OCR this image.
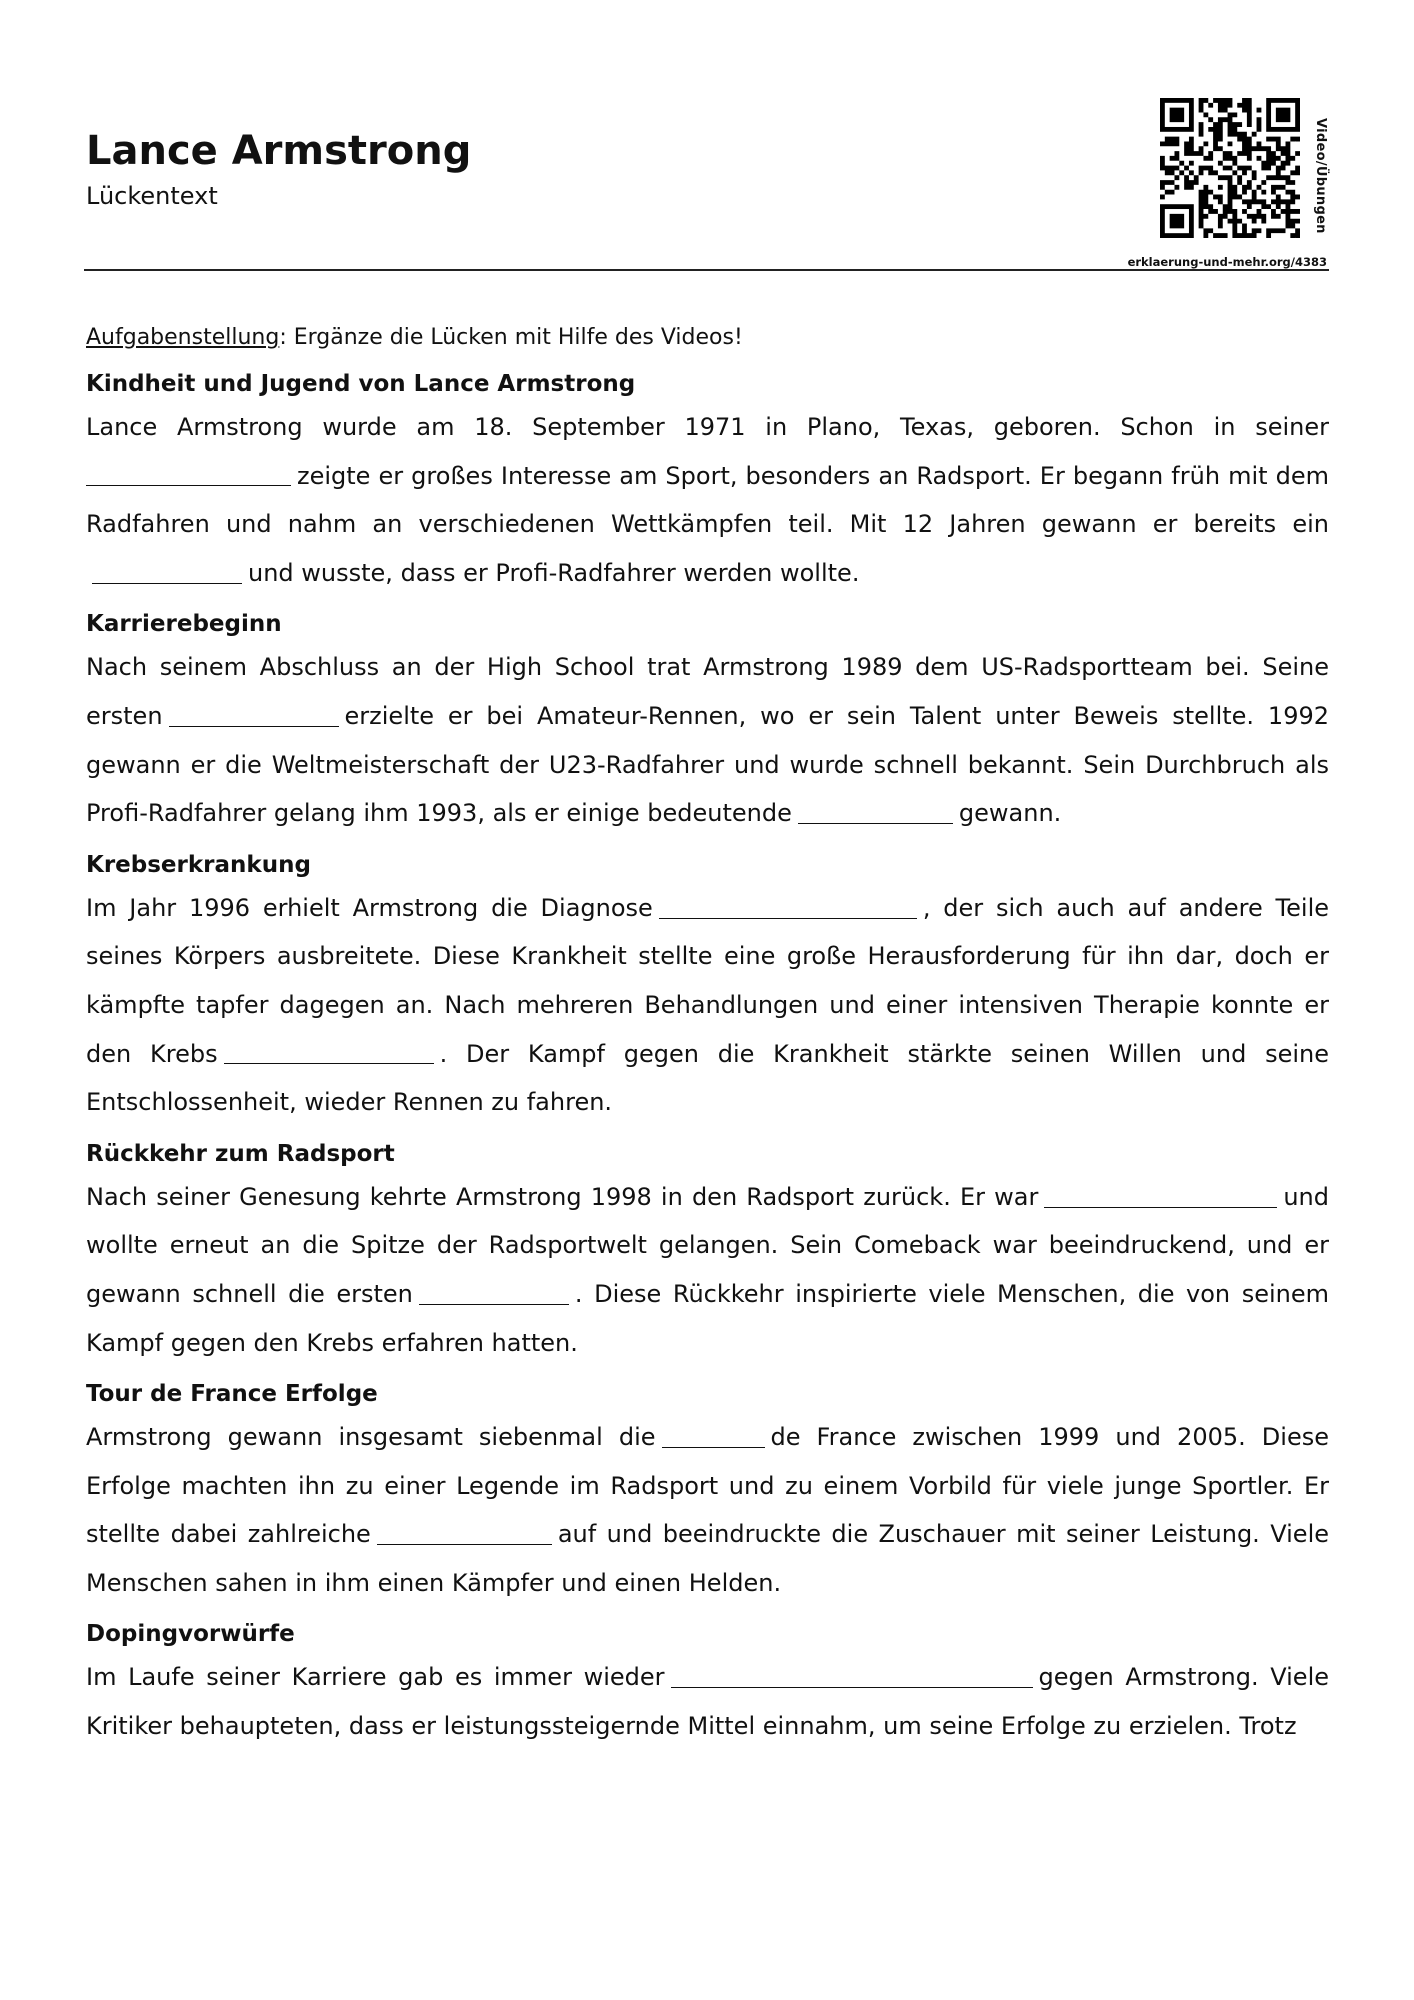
Lance Armstrong
Lückentext	Video/Übungen
erklaerung-und-mehr.org/4383

Aufgabenstellung: Ergänze die Lücken mit Hilfe des Videos!

Kindheit und Jugend von Lance Armstrong

Lance Armstrong wurde am 18. September 1971 in Plano, Texas, geboren. Schon in seiner zeigte er großes Interesse am Sport, besonders an Radsport. Er begann früh mit dem Radfahren und nahm an verschiedenen Wettkämpfen teil. Mit 12 Jahren gewann er bereits einund wusste, dass er Profi-Radfahrer werden wollte.

Karrierebeginn

Nach seinem Abschluss an der High School trat Armstrong 1989 dem US-Radsportteam bei. Seine ersten	erzielte er bei Amateur-Rennen, wo er sein Talent unter Beweis stellte. 1992 gewann er die Weltmeisterschaft der U23-Radfahrer und wurde schnell bekannt. Sein Durchbruch als Profi-Radfahrer gelang ihm 1993, als er einige bedeutende	gewann.

Krebserkrankung

Im Jahr 1996 erhielt Armstrong die Diagnose	, der sich auch auf andere Teile seines Körpers ausbreitete. Diese Krankheit stellte eine große Herausforderung für ihn dar, doch er kämpfte tapfer dagegen an. Nach mehreren Behandlungen und einer intensiven Therapie konnte er den Krebs	. Der Kampf gegen die Krankheit stärkte seinen Willen und seine Entschlossenheit, wieder Rennen zu fahren.

Rückkehr zum Radsport

Nach seiner Genesung kehrte Armstrong 1998 in den Radsport zurück. Er war	und wollte erneut an die Spitze der Radsportwelt gelangen. Sein Comeback war beeindruckend, und er gewann schnell die ersten	. Diese Rückkehr inspirierte viele Menschen, die von seinem Kampf gegen den Krebs erfahren hatten.

Tour de France Erfolge

Armstrong gewann insgesamt siebenmal die	de France zwischen 1999 und 2005. Diese Erfolge machten ihn zu einer Legende im Radsport und zu einem Vorbild für viele junge Sportler. Er stellte dabei zahlreiche	auf und beeindruckte die Zuschauer mit seiner Leistung. Viele Menschen sahen in ihm einen Kämpfer und einen Helden.

Dopingvorwürfe

Im Laufe seiner Karriere gab es immer wieder	gegen Armstrong. Viele Kritiker behaupteten, dass er leistungssteigernde Mittel einnahm, um seine Erfolge zu erzielen. Trotz
